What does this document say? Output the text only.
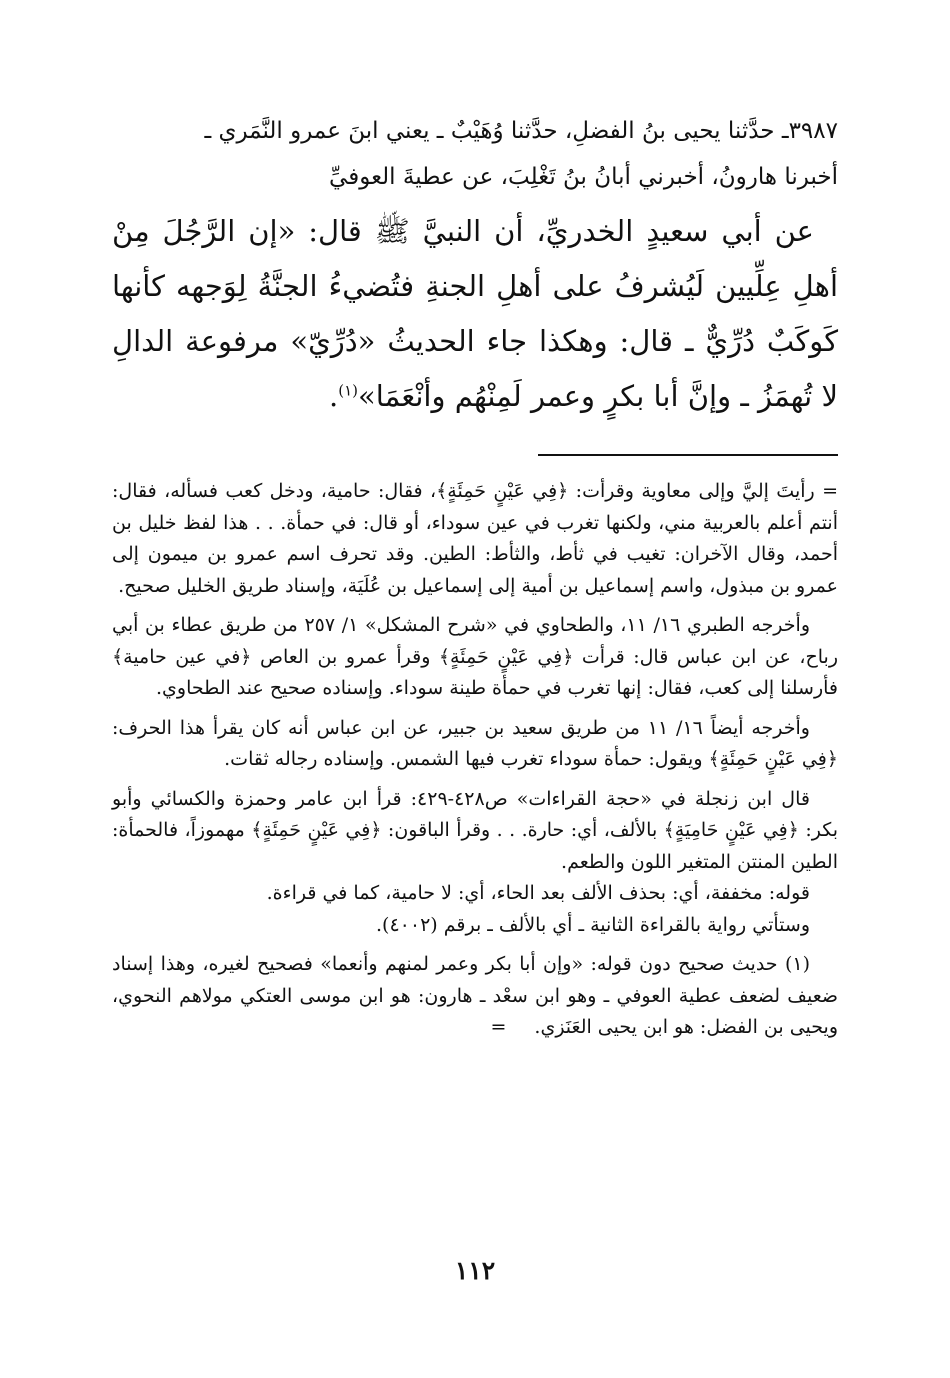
٣٩٨٧ـ حدَّثنا يحيى بنُ الفضلِ، حدَّثنا وُهَيْبٌ ـ يعني ابنَ عمرو النَّمَري ـ
أخبرنا هارونُ، أخبرني أبانُ بنُ تَغْلِبَ، عن عطيةَ العوفيِّ

عن أبي سعيدٍ الخدريِّ، أن النبيَّ ﷺ قال: «إن الرَّجُلَ مِنْ أهلِ عِلِّيين لَيُشرفُ على أهلِ الجنةِ فتُضيءُ الجنَّةُ لِوَجهه كأنها كَوكَبٌ دُرِّيٌّ ـ قال: وهكذا جاء الحديثُ «دُرِّيّ» مرفوعة الدالِ لا تُهمَزُ ـ وإنَّ أبا بكرٍ وعمر لَمِنْهُم وأنْعَمَا»$^{(١)}$.

= رأيتَ إليَّ وإلى معاوية وقرأت: ﴿فِي عَيْنٍ حَمِئَةٍ﴾، فقال: حامية، ودخل كعب فسأله، فقال: أنتم أعلم بالعربية مني، ولكنها تغرب في عين سوداء، أو قال: في حمأة. . . هذا لفظ خليل بن أحمد، وقال الآخران: تغيب في ثأط، والثأط: الطين. وقد تحرف اسم عمرو بن ميمون إلى عمرو بن مبذول، واسم إسماعيل بن أمية إلى إسماعيل بن عُلَيَة، وإسناد طريق الخليل صحيح.

وأخرجه الطبري ١٦/ ١١، والطحاوي في «شرح المشكل» ١/ ٢٥٧ من طريق عطاء بن أبي رباح، عن ابن عباس قال: قرأت ﴿فِي عَيْنٍ حَمِئَةٍ﴾ وقرأ عمرو بن العاص ﴿في عين حامية﴾ فأرسلنا إلى كعب، فقال: إنها تغرب في حمأة طينة سوداء. وإسناده صحيح عند الطحاوي.

وأخرجه أيضاً ١٦/ ١١ من طريق سعيد بن جبير، عن ابن عباس أنه كان يقرأ هذا الحرف: ﴿فِي عَيْنٍ حَمِئَةٍ﴾ ويقول: حمأة سوداء تغرب فيها الشمس. وإسناده رجاله ثقات.

قال ابن زنجلة في «حجة القراءات» ص٤٢٨-٤٢٩: قرأ ابن عامر وحمزة والكسائي وأبو بكر: ﴿فِي عَيْنٍ حَامِيَةٍ﴾ بالألف، أي: حارة. . . وقرأ الباقون: ﴿فِي عَيْنٍ حَمِئَةٍ﴾ مهموزاً، فالحمأة: الطين المنتن المتغير اللون والطعم.

قوله: مخففة، أي: بحذف الألف بعد الحاء، أي: لا حامية، كما في قراءة.

وستأتي رواية بالقراءة الثانية ـ أي بالألف ـ برقم (٤٠٠٢).

(١) حديث صحيح دون قوله: «وإن أبا بكر وعمر لمنهم وأنعما» فصحيح لغيره، وهذا إسناد ضعيف لضعف عطية العوفي ـ وهو ابن سعْد ـ هارون: هو ابن موسى العتكي مولاهم النحوي، ويحيى بن الفضل: هو ابن يحيى العَنَزي.=

١١٢
